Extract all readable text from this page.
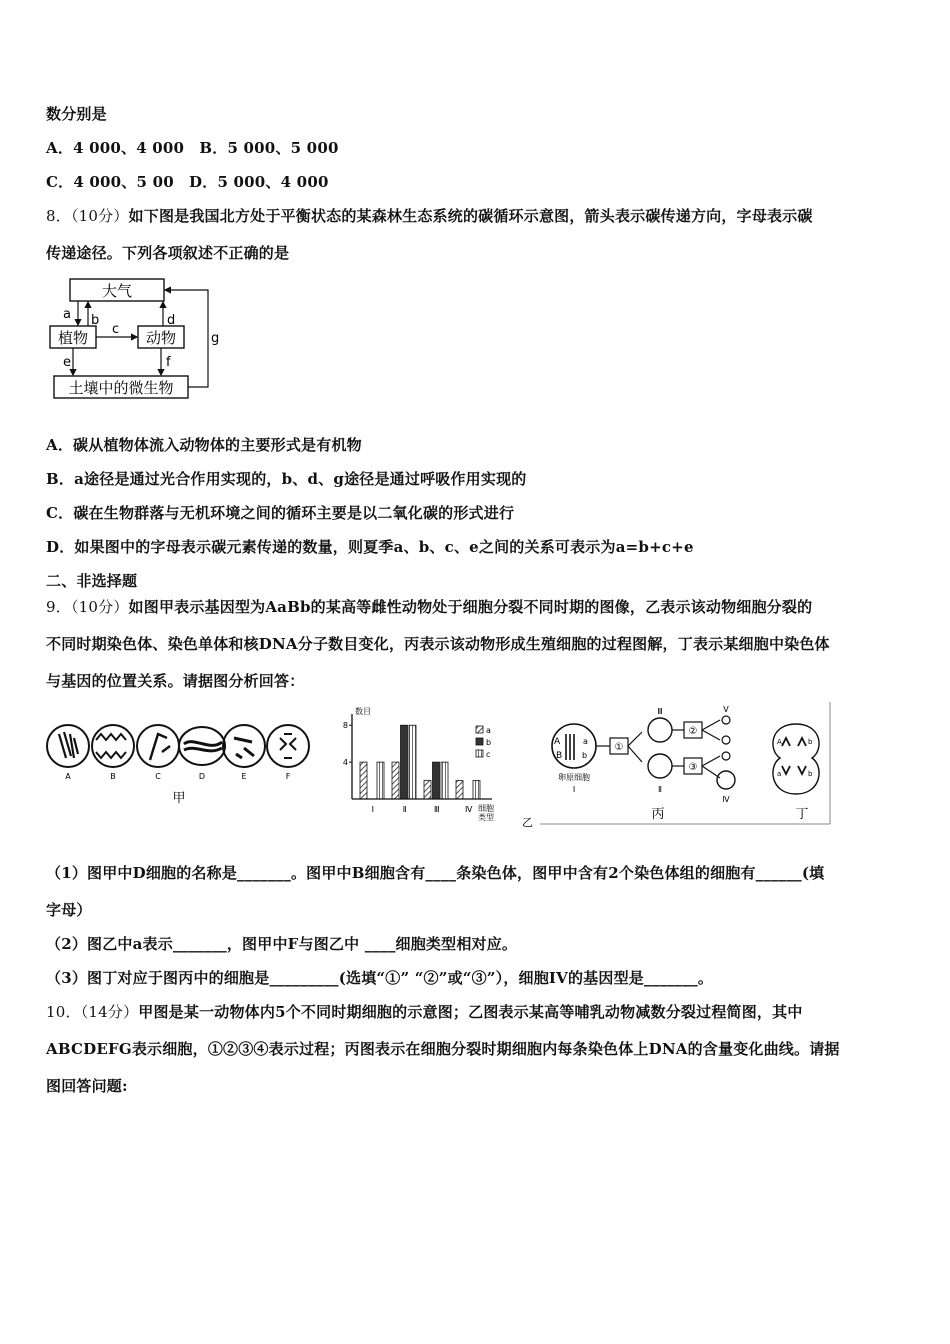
数分别是
A．4 000、4 000　B．5 000、5 000
C．4 000、5 00　D．5 000、4 000
8．（10分）如下图是我国北方处于平衡状态的某森林生态系统的碳循环示意图，箭头表示碳传递方向，字母表示碳
传递途径。下列各项叙述不正确的是
大气
植物	动物
土壤中的微生物
a b	d
c
e	f
g
A．碳从植物体流入动物体的主要形式是有机物
B．a途径是通过光合作用实现的，b、d、g途径是通过呼吸作用实现的
C．碳在生物群落与无机环境之间的循环主要是以二氧化碳的形式进行
D．如果图中的字母表示碳元素传递的数量，则夏季a、b、c、e之间的关系可表示为a=b+c+e
二、非选择题
9．（10分）如图甲表示基因型为AaBb的某高等雌性动物处于细胞分裂不同时期的图像，乙表示该动物细胞分裂的
不同时期染色体、染色单体和核DNA分子数目变化，丙表示该动物形成生殖细胞的过程图解，丁表示某细胞中染色体
与基因的位置关系。请据图分析回答：
A	B	C	D	E	F
甲
数目
4
8
Ⅰ	Ⅱ	Ⅲ	Ⅳ 细胞
类型
a
b
c
乙
A	a
B b
卵原细胞
Ⅰ
①
Ⅲ
Ⅱ
②
③
Ⅴ
Ⅳ
丙
A	b
a	b
丁
（1）图甲中D细胞的名称是_______。图甲中B细胞含有____条染色体，图甲中含有2个染色体组的细胞有______(填
字母）
（2）图乙中a表示_______，图甲中F与图乙中 ____细胞类型相对应。
（3）图丁对应于图丙中的细胞是_________(选填“①” “②”或“③”），细胞IV的基因型是_______。
10．（14分）甲图是某一动物体内5个不同时期细胞的示意图；乙图表示某高等哺乳动物减数分裂过程简图，其中
ABCDEFG表示细胞，①②③④表示过程；丙图表示在细胞分裂时期细胞内每条染色体上DNA的含量变化曲线。请据
图回答问题:
